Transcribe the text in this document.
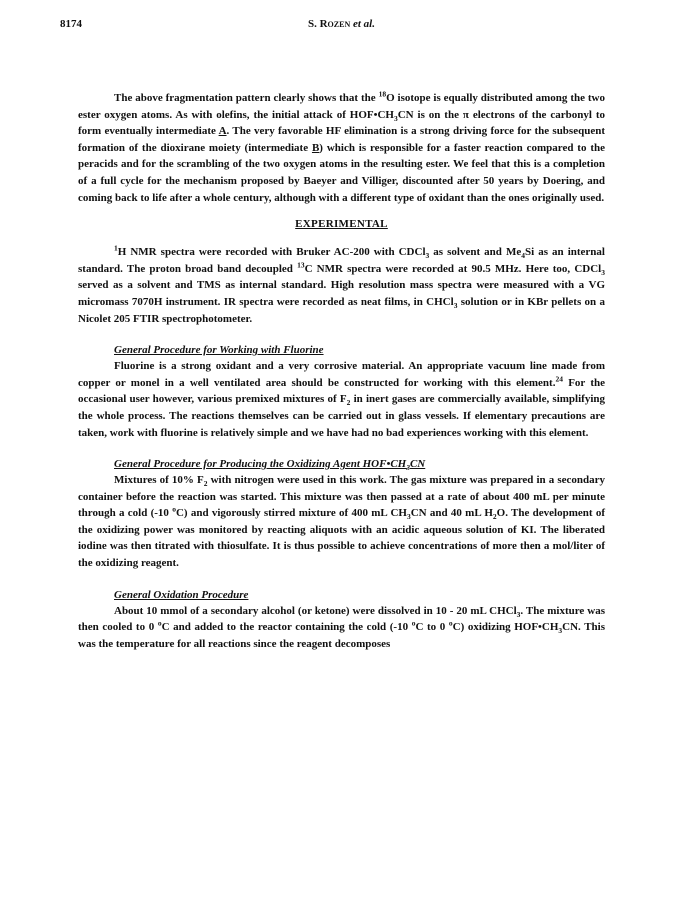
8174	S. Rozen et al.

The above fragmentation pattern clearly shows that the $^{18}$O isotope is equally distributed among the two ester oxygen atoms. As with olefins, the initial attack of $HOF•CH_3CN$ is on the π electrons of the carbonyl to form eventually intermediate A. The very favorable HF elimination is a strong driving force for the subsequent formation of the dioxirane moiety (intermediate B) which is responsible for a faster reaction compared to the peracids and for the scrambling of the two oxygen atoms in the resulting ester. We feel that this is a completion of a full cycle for the mechanism proposed by Baeyer and Villiger, discounted after 50 years by Doering, and coming back to life after a whole century, although with a different type of oxidant than the ones originally used.

EXPERIMENTAL

$^1$H NMR spectra were recorded with Bruker AC-200 with CDCl$_3$ as solvent and $Me_4Si$ as an internal standard. The proton broad band decoupled $^{13}$C NMR spectra were recorded at 90.5 MHz. Here too, CDCl$_3$ served as a solvent and TMS as internal standard. High resolution mass spectra were measured with a VG micromass 7070H instrument. IR spectra were recorded as neat films, in CHCl$_3$ solution or in KBr pellets on a Nicolet 205 FTIR spectrophotometer.

General Procedure for Working with Fluorine

Fluorine is a strong oxidant and a very corrosive material. An appropriate vacuum line made from copper or monel in a well ventilated area should be constructed for working with this element.$^{24}$ For the occasional user however, various premixed mixtures of $F_2$ in inert gases are commercially available, simplifying the whole process. The reactions themselves can be carried out in glass vessels. If elementary precautions are taken, work with fluorine is relatively simple and we have had no bad experiences working with this element.

General Procedure for Producing the Oxidizing Agent $HOF•CH_3CN$

Mixtures of 10% $F_2$ with nitrogen were used in this work. The gas mixture was prepared in a secondary container before the reaction was started. This mixture was then passed at a rate of about 400 mL per minute through a cold (-10 $^o$C) and vigorously stirred mixture of 400 mL $CH_3CN$ and 40 mL $H_2O$. The development of the oxidizing power was monitored by reacting aliquots with an acidic aqueous solution of KI. The liberated iodine was then titrated with thiosulfate. It is thus possible to achieve concentrations of more then a mol/liter of the oxidizing reagent.

General Oxidation Procedure

About 10 mmol of a secondary alcohol (or ketone) were dissolved in 10 - 20 mL CHCl$_3$. The mixture was then cooled to 0 $^o$C and added to the reactor containing the cold (-10 $^o$C to 0 $^o$C) oxidizing $HOF•CH_3CN$. This was the temperature for all reactions since the reagent decomposes
